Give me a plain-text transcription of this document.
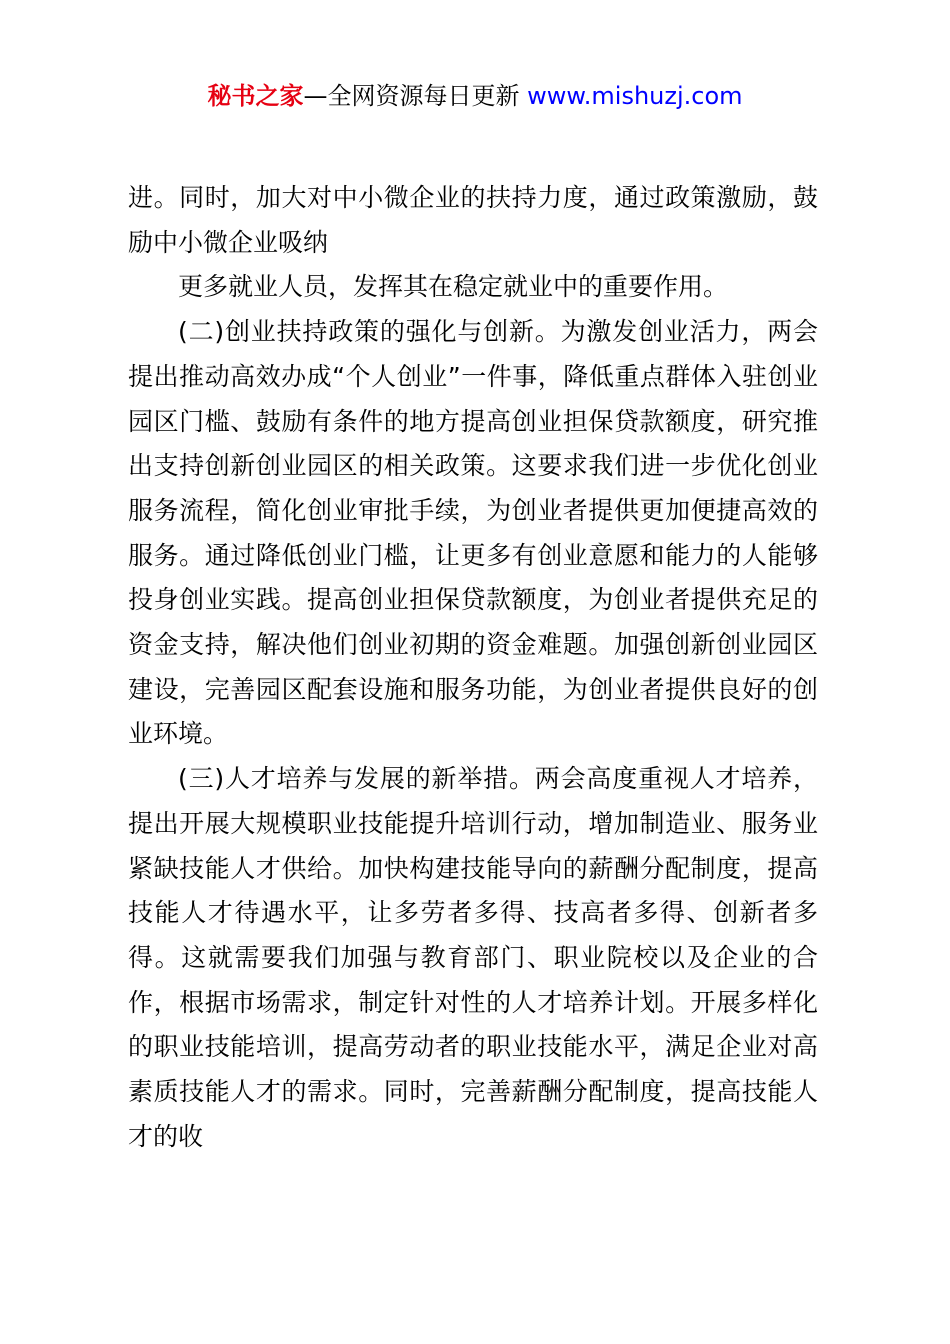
秘书之家—全网资源每日更新 www.mishuzj.com

进。同时，加大对中小微企业的扶持力度，通过政策激励，鼓励中小微企业吸纳

更多就业人员，发挥其在稳定就业中的重要作用。

(二)创业扶持政策的强化与创新。为激发创业活力，两会提出推动高效办成“个人创业”一件事，降低重点群体入驻创业园区门槛、鼓励有条件的地方提高创业担保贷款额度，研究推出支持创新创业园区的相关政策。这要求我们进一步优化创业服务流程，简化创业审批手续，为创业者提供更加便捷高效的服务。通过降低创业门槛，让更多有创业意愿和能力的人能够投身创业实践。提高创业担保贷款额度，为创业者提供充足的资金支持，解决他们创业初期的资金难题。加强创新创业园区建设，完善园区配套设施和服务功能，为创业者提供良好的创业环境。

(三)人才培养与发展的新举措。两会高度重视人才培养，提出开展大规模职业技能提升培训行动，增加制造业、服务业紧缺技能人才供给。加快构建技能导向的薪酬分配制度，提高技能人才待遇水平，让多劳者多得、技高者多得、创新者多得。这就需要我们加强与教育部门、职业院校以及企业的合作，根据市场需求，制定针对性的人才培养计划。开展多样化的职业技能培训，提高劳动者的职业技能水平，满足企业对高素质技能人才的需求。同时，完善薪酬分配制度，提高技能人才的收
